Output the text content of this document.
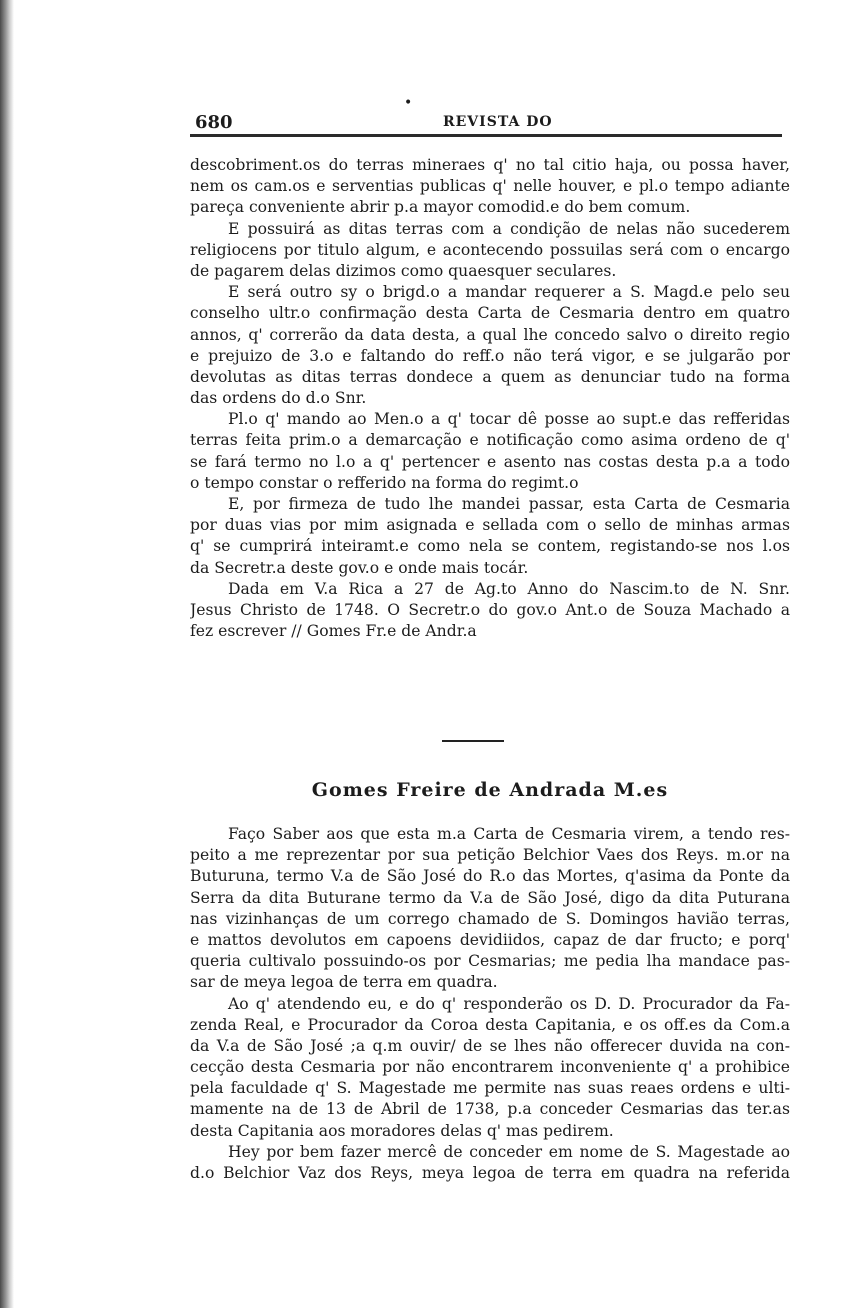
•
680	REVISTA DO
descobriment.os do terras mineraes q' no tal citio haja, ou possa haver,
nem os cam.os e serventias publicas q' nelle houver, e pl.o tempo adiante
pareça conveniente abrir p.a mayor comodid.e do bem comum.
E possuirá as ditas terras com a condição de nelas não sucederem
religiocens por titulo algum, e acontecendo possuilas será com o encargo
de pagarem delas dizimos como quaesquer seculares.
E será outro sy o brigd.o a mandar requerer a S. Magd.e pelo seu
conselho ultr.o confirmação desta Carta de Cesmaria dentro em quatro
annos, q' correrão da data desta, a qual lhe concedo salvo o direito regio
e prejuizo de 3.o e faltando do reff.o não terá vigor, e se julgarão por
devolutas as ditas terras dondece a quem as denunciar tudo na forma
das ordens do d.o Snr.
Pl.o q' mando ao Men.o a q' tocar dê posse ao supt.e das refferidas
terras feita prim.o a demarcação e notificação como asima ordeno de q'
se fará termo no l.o a q' pertencer e asento nas costas desta p.a a todo
o tempo constar o refferido na forma do regimt.o
E, por firmeza de tudo lhe mandei passar, esta Carta de Cesmaria
por duas vias por mim asignada e sellada com o sello de minhas armas
q' se cumprirá inteiramt.e como nela se contem, registando-se nos l.os
da Secretr.a deste gov.o e onde mais tocár.
Dada em V.a Rica a 27 de Ag.to Anno do Nascim.to de N. Snr.
Jesus Christo de 1748. O Secretr.o do gov.o Ant.o de Souza Machado a
fez escrever // Gomes Fr.e de Andr.a
Gomes Freire de Andrada M.es
Faço Saber aos que esta m.a Carta de Cesmaria virem, a tendo res-
peito a me reprezentar por sua petição Belchior Vaes dos Reys. m.or na
Buturuna, termo V.a de São José do R.o das Mortes, q'asima da Ponte da
Serra da dita Buturane termo da V.a de São José, digo da dita Puturana
nas vizinhanças de um corrego chamado de S. Domingos havião terras,
e mattos devolutos em capoens devidiidos, capaz de dar fructo; e porq'
queria cultivalo possuindo-os por Cesmarias; me pedia lha mandace pas-
sar de meya legoa de terra em quadra.
Ao q' atendendo eu, e do q' responderão os D. D. Procurador da Fa-
zenda Real, e Procurador da Coroa desta Capitania, e os off.es da Com.a
da V.a de São José ;a q.m ouvir/ de se lhes não offerecer duvida na con-
cecção desta Cesmaria por não encontrarem inconveniente q' a prohibice
pela faculdade q' S. Magestade me permite nas suas reaes ordens e ulti-
mamente na de 13 de Abril de 1738, p.a conceder Cesmarias das ter.as
desta Capitania aos moradores delas q' mas pedirem.
Hey por bem fazer mercê de conceder em nome de S. Magestade ao
d.o Belchior Vaz dos Reys, meya legoa de terra em quadra na referida
